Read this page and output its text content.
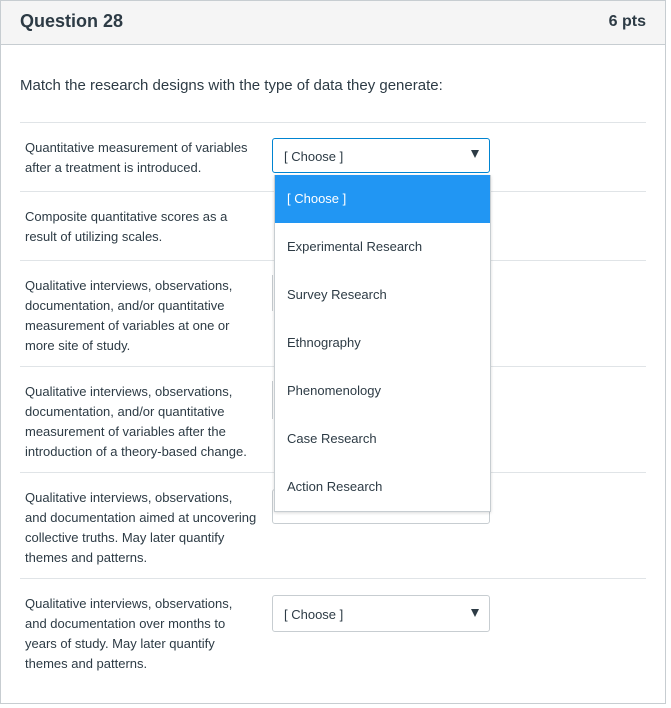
Question 28	6 pts
Match the research designs with the type of data they generate:
Quantitative measurement of variables
after a treatment is introduced.
[ Choose ]
Composite quantitative scores as a
result of utilizing scales.
Qualitative interviews, observations,
documentation, and/or quantitative
measurement of variables at one or
more site of study.
Qualitative interviews, observations,
documentation, and/or quantitative
measurement of variables after the
introduction of a theory-based change.
Qualitative interviews, observations,
and documentation aimed at uncovering
collective truths. May later quantify
themes and patterns.
Qualitative interviews, observations,
and documentation over months to
years of study. May later quantify
themes and patterns.
[ Choose ]
[ Choose ]
Experimental Research
Survey Research
Ethnography
Phenomenology
Case Research
Action Research
